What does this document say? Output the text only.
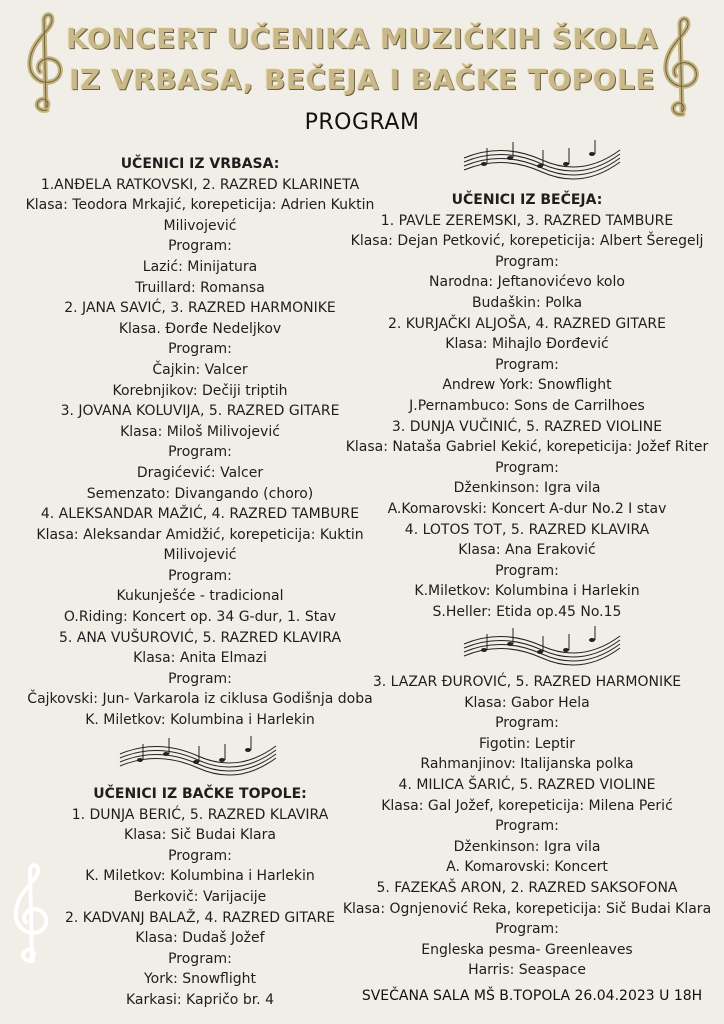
KONCERT UČENIKA MUZIČKIH ŠKOLA
IZ VRBASA, BEČEJA I BAČKE TOPOLE
PROGRAM
UČENICI IZ VRBASA:
1.ANĐELA RATKOVSKI, 2. RAZRED KLARINETA
Klasa: Teodora Mrkajić, korepeticija: Adrien Kuktin
Milivojević
Program:
Lazić: Minijatura
Truillard: Romansa
2. JANA SAVIĆ, 3. RAZRED HARMONIKE
Klasa. Đorđe Nedeljkov
Program:
Čajkin: Valcer
Korebnjikov: Dečiji triptih
3. JOVANA KOLUVIJA, 5. RAZRED GITARE
Klasa: Miloš Milivojević
Program:
Dragićević: Valcer
Semenzato: Divangando (choro)
4. ALEKSANDAR MAŽIĆ, 4. RAZRED TAMBURE
Klasa: Aleksandar Amidžić, korepeticija: Kuktin
Milivojević
Program:
Kukunješće - tradicional
O.Riding: Koncert op. 34 G-dur, 1. Stav
5. ANA VUŠUROVIĆ, 5. RAZRED KLAVIRA
Klasa: Anita Elmazi
Program:
Čajkovski: Jun- Varkarola iz ciklusa Godišnja doba
K. Miletkov: Kolumbina i Harlekin
UČENICI IZ BAČKE TOPOLE:
1. DUNJA BERIĆ, 5. RAZRED KLAVIRA
Klasa: Sič Budai Klara
Program:
K. Miletkov: Kolumbina i Harlekin
Berkovič: Varijacije
2. KADVANJ BALAŽ, 4. RAZRED GITARE
Klasa: Dudaš Jožef
Program:
York: Snowflight
Karkasi: Kapričo br. 4
UČENICI IZ BEČEJA:
1. PAVLE ZEREMSKI, 3. RAZRED TAMBURE
Klasa: Dejan Petković, korepeticija: Albert Šeregelj
Program:
Narodna: Jeftanovićevo kolo
Budaškin: Polka
2. KURJAČKI ALJOŠA, 4. RAZRED GITARE
Klasa: Mihajlo Đorđević
Program:
Andrew York: Snowflight
J.Pernambuco: Sons de Carrilhoes
3. DUNJA VUČINIĆ, 5. RAZRED VIOLINE
Klasa: Nataša Gabriel Kekić, korepeticija: Jožef Riter
Program:
Dženkinson: Igra vila
A.Komarovski: Koncert A-dur No.2 I stav
4. LOTOS TOT, 5. RAZRED KLAVIRA
Klasa: Ana Eraković
Program:
K.Miletkov: Kolumbina i Harlekin
S.Heller: Etida op.45 No.15
3. LAZAR ĐUROVIĆ, 5. RAZRED HARMONIKE
Klasa: Gabor Hela
Program:
Figotin: Leptir
Rahmanjinov: Italijanska polka
4. MILICA ŠARIĆ, 5. RAZRED VIOLINE
Klasa: Gal Jožef, korepeticija: Milena Perić
Program:
Dženkinson: Igra vila
A. Komarovski: Koncert
5. FAZEKAŠ ARON, 2. RAZRED SAKSOFONA
Klasa: Ognjenović Reka, korepeticija: Sič Budai Klara
Program:
Engleska pesma- Greenleaves
Harris: Seaspace
SVEČANA SALA MŠ B.TOPOLA 26.04.2023 U 18H
